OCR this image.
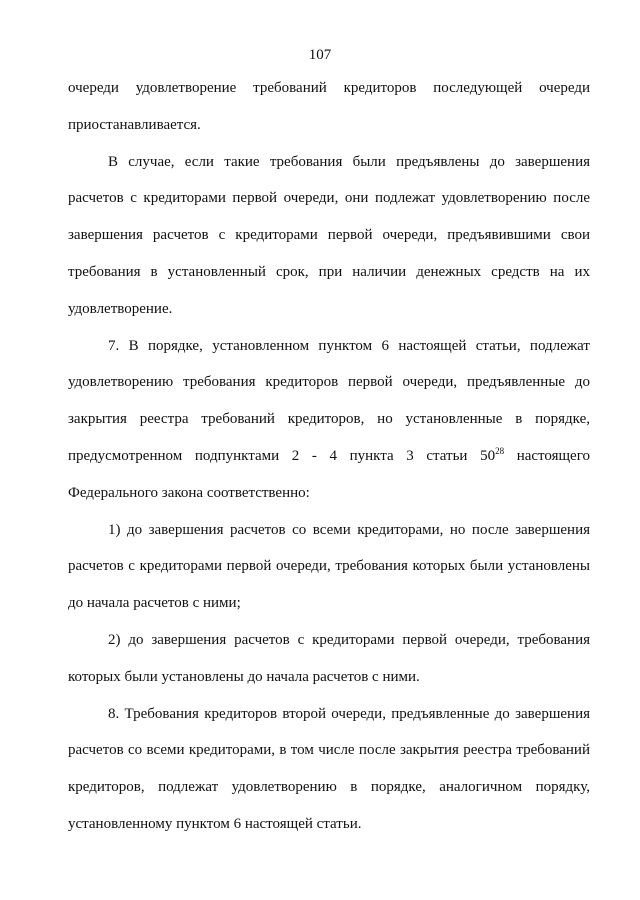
107

очереди удовлетворение требований кредиторов последующей очереди приостанавливается.

В случае, если такие требования были предъявлены до завершения расчетов с кредиторами первой очереди, они подлежат удовлетворению после завершения расчетов с кредиторами первой очереди, предъявившими свои требования в установленный срок, при наличии денежных средств на их удовлетворение.

7. В порядке, установленном пунктом 6 настоящей статьи, подлежат удовлетворению требования кредиторов первой очереди, предъявленные до закрытия реестра требований кредиторов, но установленные в порядке, предусмотренном подпунктами 2 - 4 пункта 3 статьи $50^{28}$ настоящего Федерального закона соответственно:

1) до завершения расчетов со всеми кредиторами, но после завершения расчетов с кредиторами первой очереди, требования которых были установлены до начала расчетов с ними;

2) до завершения расчетов с кредиторами первой очереди, требования которых были установлены до начала расчетов с ними.

8. Требования кредиторов второй очереди, предъявленные до завершения расчетов со всеми кредиторами, в том числе после закрытия реестра требований кредиторов, подлежат удовлетворению в порядке, аналогичном порядку, установленному пунктом 6 настоящей статьи.
